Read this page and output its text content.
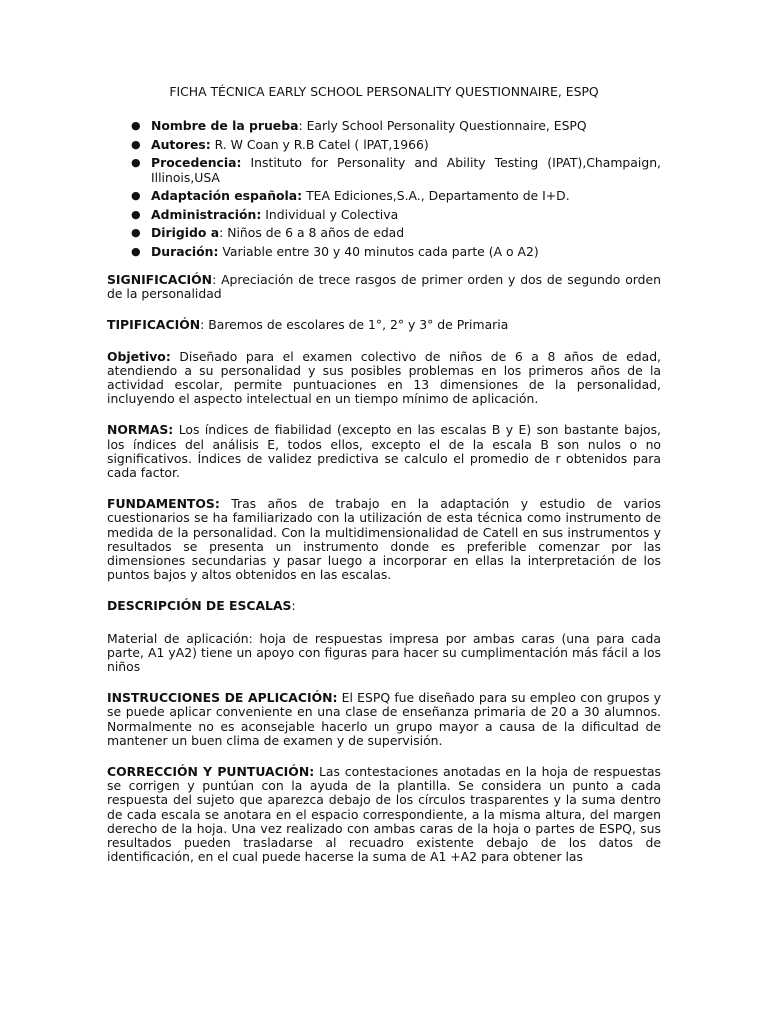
FICHA TÉCNICA EARLY SCHOOL PERSONALITY QUESTIONNAIRE, ESPQ
● Nombre de la prueba: Early School Personality Questionnaire, ESPQ
● Autores: R. W Coan y R.B Catel ( lPAT,1966)
● Procedencia: Instituto for Personality and Ability Testing (IPAT),Champaign, Illinois,USA
● Adaptación española: TEA Ediciones,S.A., Departamento de I+D.
● Administración: Individual y Colectiva
● Dirigido a: Niños de 6 a 8 años de edad
● Duración: Variable entre 30 y 40 minutos cada parte (A o A2)

SIGNIFICACIÓN: Apreciación de trece rasgos de primer orden y dos de segundo orden de la personalidad

TIPIFICACIÓN: Baremos de escolares de 1°, 2° y 3° de Primaria

Objetivo: Diseñado para el examen colectivo de niños de 6 a 8 años de edad, atendiendo a su personalidad y sus posibles problemas en los primeros años de la actividad escolar, permite puntuaciones en 13 dimensiones de la personalidad, incluyendo el aspecto intelectual en un tiempo mínimo de aplicación.

NORMAS: Los índices de fiabilidad (excepto en las escalas B y E) son bastante bajos, los índices del análisis E, todos ellos, excepto el de la escala B son nulos o no significativos. Índices de validez predictiva se calculo el promedio de r obtenidos para cada factor.

FUNDAMENTOS: Tras años de trabajo en la adaptación y estudio de varios cuestionarios se ha familiarizado con la utilización de esta técnica como instrumento de medida de la personalidad. Con la multidimensionalidad de Catell en sus instrumentos y resultados se presenta un instrumento donde es preferible comenzar por las dimensiones secundarias y pasar luego a incorporar en ellas la interpretación de los puntos bajos y altos obtenidos en las escalas.

DESCRIPCIÓN DE ESCALAS:

Material de aplicación: hoja de respuestas impresa por ambas caras (una para cada parte, A1 yA2) tiene un apoyo con figuras para hacer su cumplimentación más fácil a los niños

INSTRUCCIONES DE APLICACIÓN: El ESPQ fue diseñado para su empleo con grupos y se puede aplicar conveniente en una clase de enseñanza primaria de 20 a 30 alumnos. Normalmente no es aconsejable hacerlo un grupo mayor a causa de la dificultad de mantener un buen clima de examen y de supervisión.

CORRECCIÓN Y PUNTUACIÓN: Las contestaciones anotadas en la hoja de respuestas se corrigen y puntúan con la ayuda de la plantilla. Se considera un punto a cada respuesta del sujeto que aparezca debajo de los círculos trasparentes y la suma dentro de cada escala se anotara en el espacio correspondiente, a la misma altura, del margen derecho de la hoja. Una vez realizado con ambas caras de la hoja o partes de ESPQ, sus resultados pueden trasladarse al recuadro existente debajo de los datos de identificación, en el cual puede hacerse la suma de A1 +A2 para obtener las
